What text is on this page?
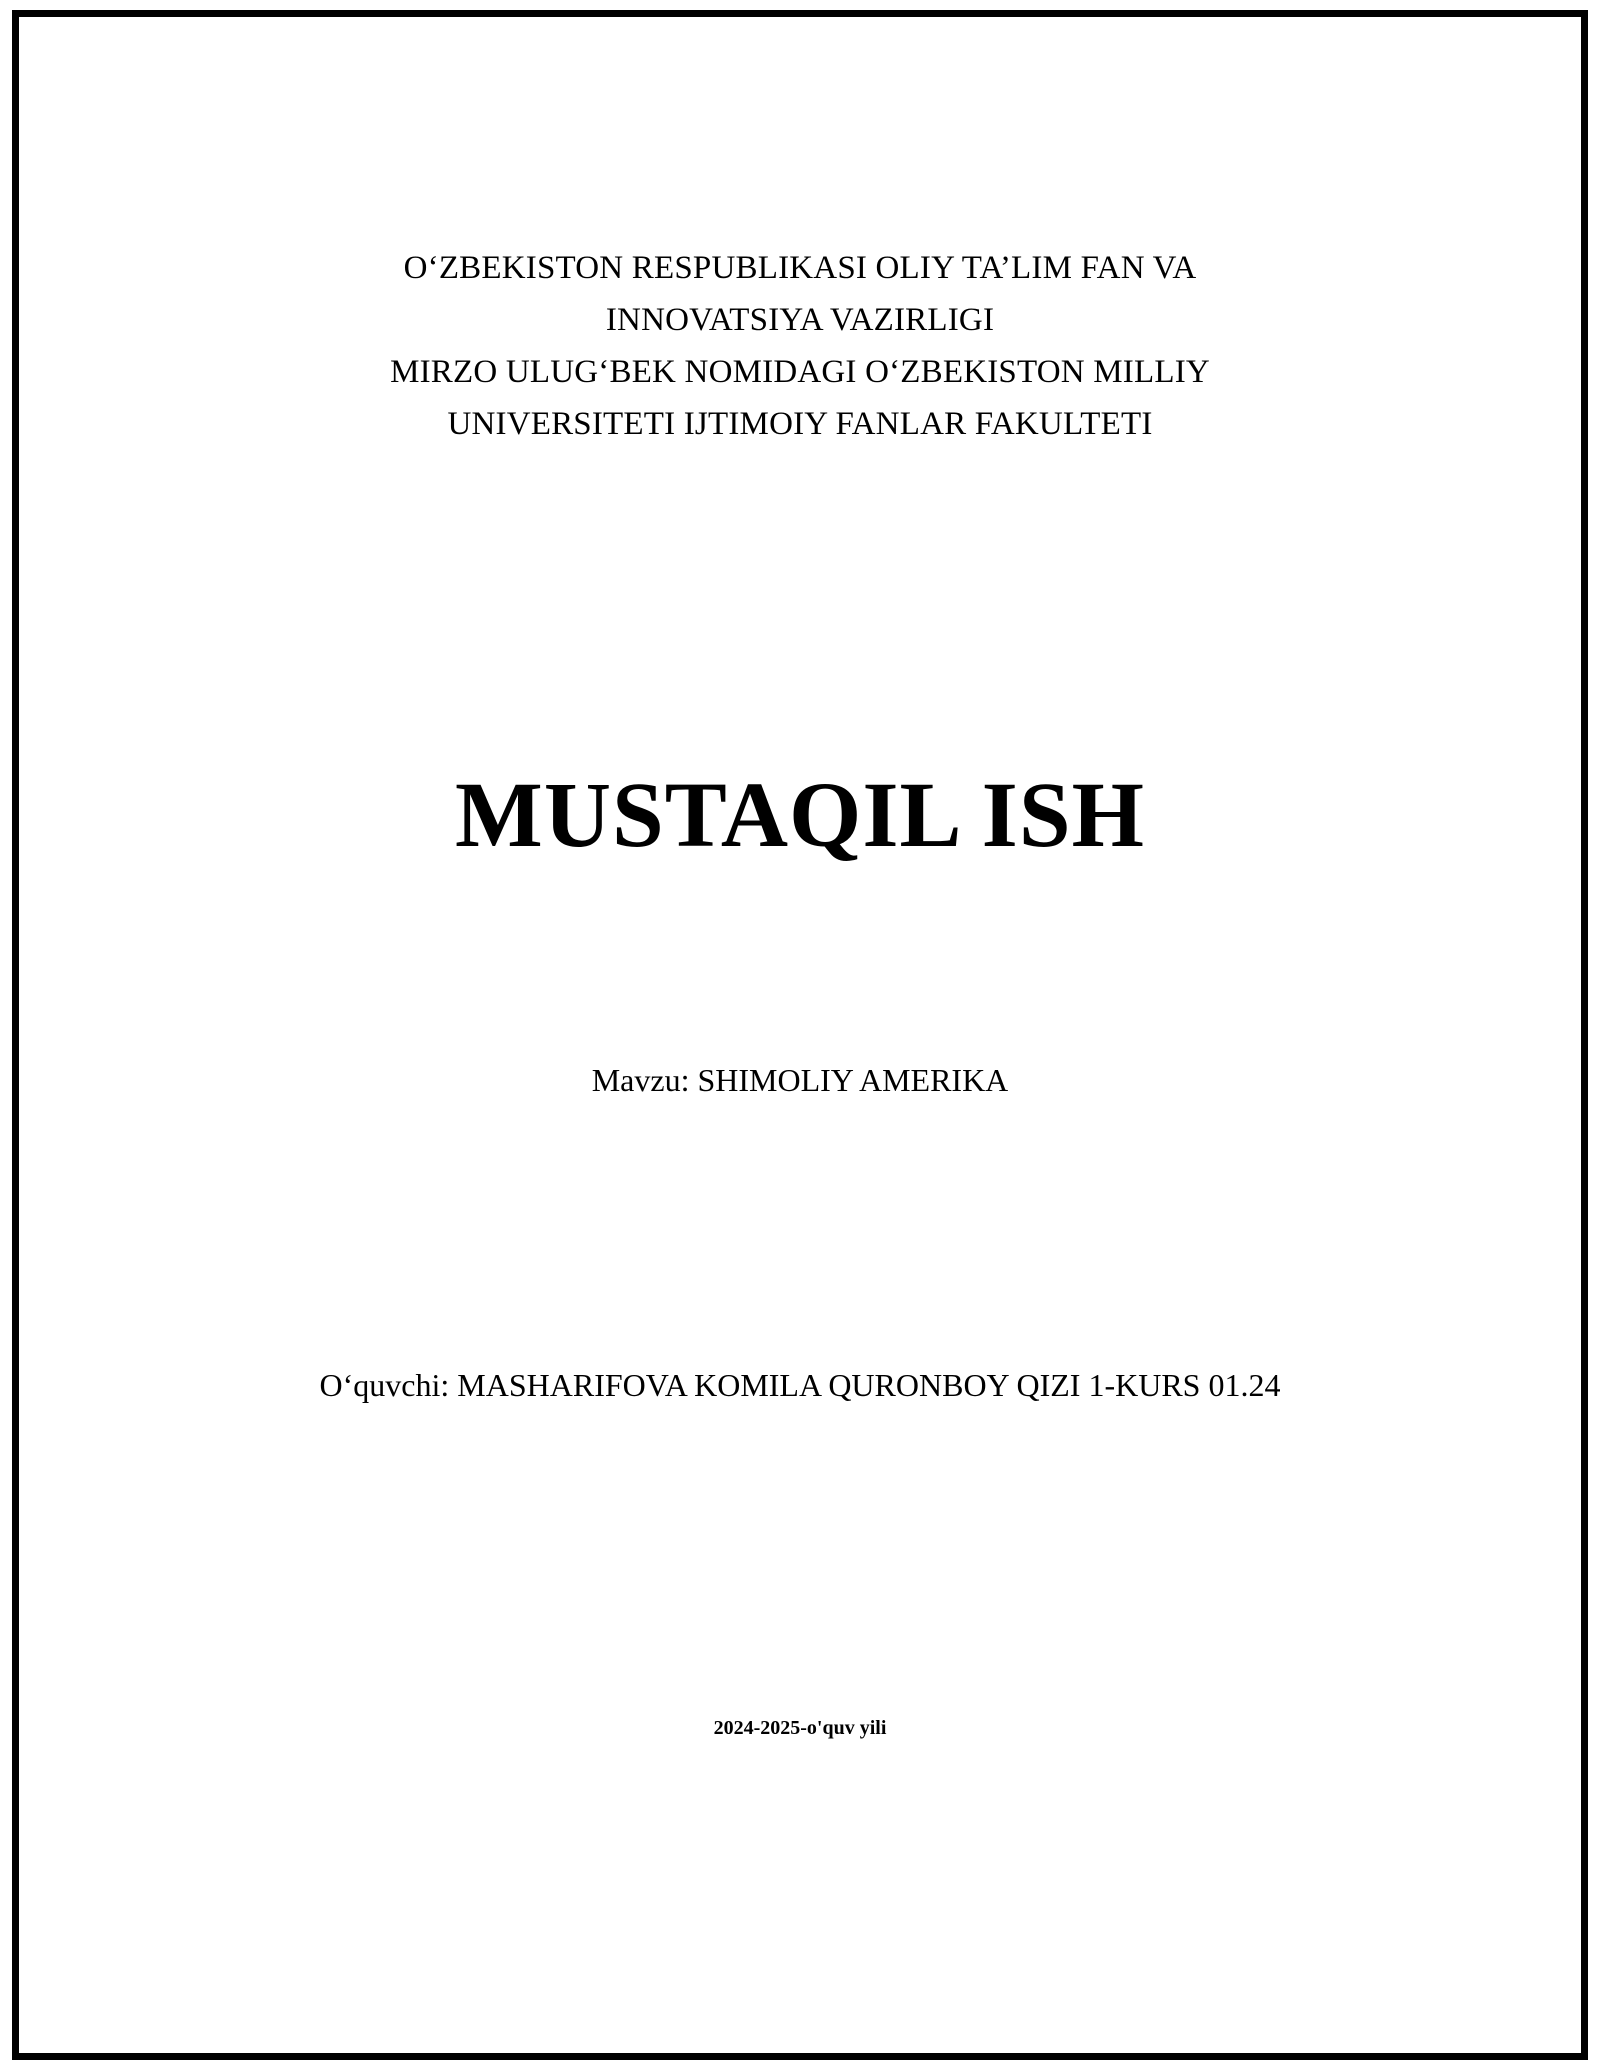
O‘ZBEKISTON RESPUBLIKASI OLIY TA’LIM FAN VA
INNOVATSIYA VAZIRLIGI
MIRZO ULUG‘BEK NOMIDAGI O‘ZBEKISTON MILLIY
UNIVERSITETI IJTIMOIY FANLAR FAKULTETI
MUSTAQIL ISH
Mavzu: SHIMOLIY AMERIKA
O‘quvchi: MASHARIFOVA KOMILA QURONBOY QIZI 1-KURS 01.24
2024-2025-o'quv yili
